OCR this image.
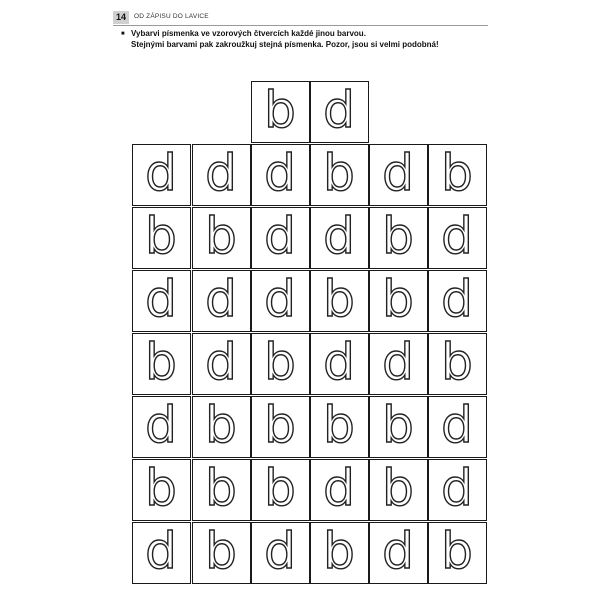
14	OD ZÁPISU DO LAVICE
■ Vybarvi písmenka ve vzorových čtvercích každé jinou barvou.
Stejnými barvami pak zakroužkuj stejná písmenka. Pozor, jsou si velmi podobná!
b d
d d d b d b
b b d d b d
d d d b b d
b d b d d b
d b b b b d
b b b d b d
d b d b d b
